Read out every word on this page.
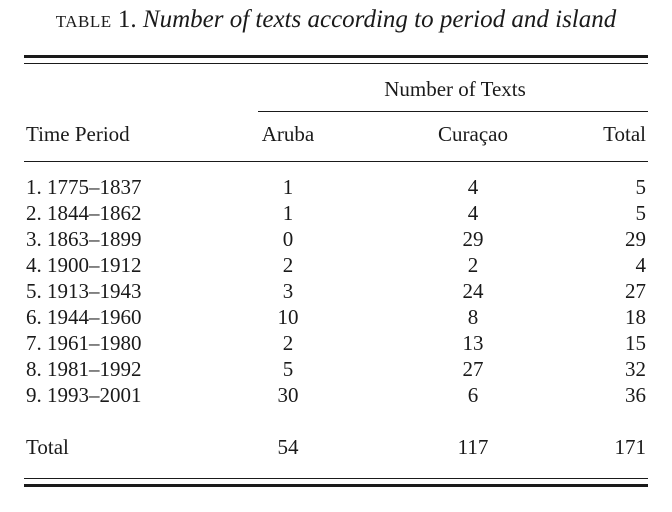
TABLE 1. Number of texts according to period and island
Number of Texts
Time Period	Aruba	Curaçao	Total
1. 1775–1837	1	4	5
2. 1844–1862	1	4	5
3. 1863–1899	0	29	29
4. 1900–1912	2	2	4
5. 1913–1943	3	24	27
6. 1944–1960	10	8	18
7. 1961–1980	2	13	15
8. 1981–1992	5	27	32
9. 1993–2001	30	6	36
Total	54	117	171
